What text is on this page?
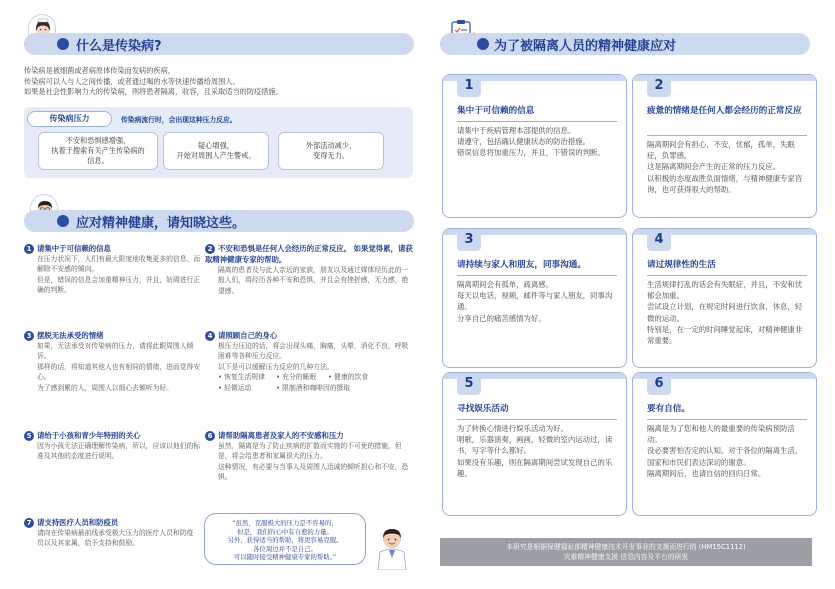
什么是传染病?
传染病是被细菌或者病原体传染而发病的疾病。
传染病可以人与人之间传播，或者通过喝的水等快速传播给周围人。
如果是社会性影响力大的传染病，则将患者隔离，收容，且采取适当的防疫措施。
传染病压力	传染病流行时，会出现这种压力反应。
不安和恐惧感增强，
执着于搜索有关产生传染病的
信息。
疑心增强，
开始对周围人产生警戒。
外部活动减少，
变得无力。
应对精神健康，请知晓这些。
1 请集中于可信赖的信息
在压力状况下，人们有最大限度地收集更多的信息、而解除不安感的倾向。
但是，错误的信息会加重精神压力，并且，妨碍进行正确的判断。
2 不安和恐惧是任何人会经历的正常反应。 如果觉得累，请获取精神健康专家的帮助。
隔离的患者及与此人亲近的家族，朋友以及通过媒体经历此的一般人们，将经历各种不安和恐惧，并且会有挫折感，无力感，绝望感。
3 摆脱无法承受的情绪
如果，无法承受对传染病的压力，请将此跟周围人倾诉。
那样的话，将知道其他人也有相同的情绪，进而觉得安心。
为了感到累的人，周围人以细心去倾听为好。
4 请照顾自己的身心
极压力压迫的话，将会出现头痛，胸痛，头晕，消化不良，呼吸困难等各种压力反应。
以下是可以缓解压力反应的几种方法。
• 恢复生活规律 • 充分的睡眠 • 健康的饮食
• 轻微运动	• 限制酒和咖啡因的摄取
5 请给于小孩和青少年特别的关心
因为小孩无法正确理解传染病，所以，应该以他们的标准及其他的态度进行说明。
6 请帮助隔离患者及家人的不安感和压力
虽然，隔离是为了防止疾病的扩散而实施的不可免的措施，但是，将会给患者和家属很大的压力。
这种情况，有必要与当事人及周围人迅诚的倾听担心和不安，恐惧。
7 请支持医疗人员和防疫员
请向在传染病最前线承受极大压力的医疗人员和防疫员以及其家属，给予支持和鼓励。
“虽然，克服极大的压力是不容易的，
但是，我们的心中有自愈的力量。
另外，获得适当的帮助，将更容易克服。
各位周边并不是自己。
可以随时接受精神健康专家的帮助。”
为了被隔离人员的精神健康应对
1
集中于可信赖的信息
请集中于疾病管理本部提供的信息。
请遵守，包括确认健康状态的防治措施。
错误信息将加重压力，并且，下错误的判断。
2
疲惫的情绪是任何人都会经历的正常反应
隔离期间会有担心，不安，忧郁，孤单，失眠症，负罪感。
这是隔离期间会产生的正常的压力反应。
以积极的态度战胜负面情绪，与精神健康专家咨询，也可获得很大的帮助。
3
请持续与家人和朋友，同事沟通。
隔离期间会有孤单，疏离感。
每天以电话，视频，邮件等与家人朋友，同事沟通。
分享自己的痛苦感情为好。
4
请过规律性的生活
生活规律打乱的话会有失眠症，并且，不安和忧郁会加重。
尝试设立计划，在规定时间进行饮食，休息，轻微的运动。
特别是，在一定的时间睡觉起床，对精神健康非常重要。
5
寻找娱乐活动
为了转换心情进行娱乐活动为好。
唱歌，乐器演奏，画画，轻微的室内运动过，读书，写字等什么都好。
如果没有乐趣，则在隔离期间尝试发现自己的乐趣。
6
要有自信。
隔离是为了您和他人的最重要的传染病预防活动。
没必要害怕否定的认知。对于各位的隔离生活，国家和市民们表达深切的谢意。
隔离期间后，也请自信的回归日常。
本研究是根据保健福祉部精神健康技术开发事业的支援而进行的 (HM15C1112)
灾难精神健康支援 信息内容及平台的研发
